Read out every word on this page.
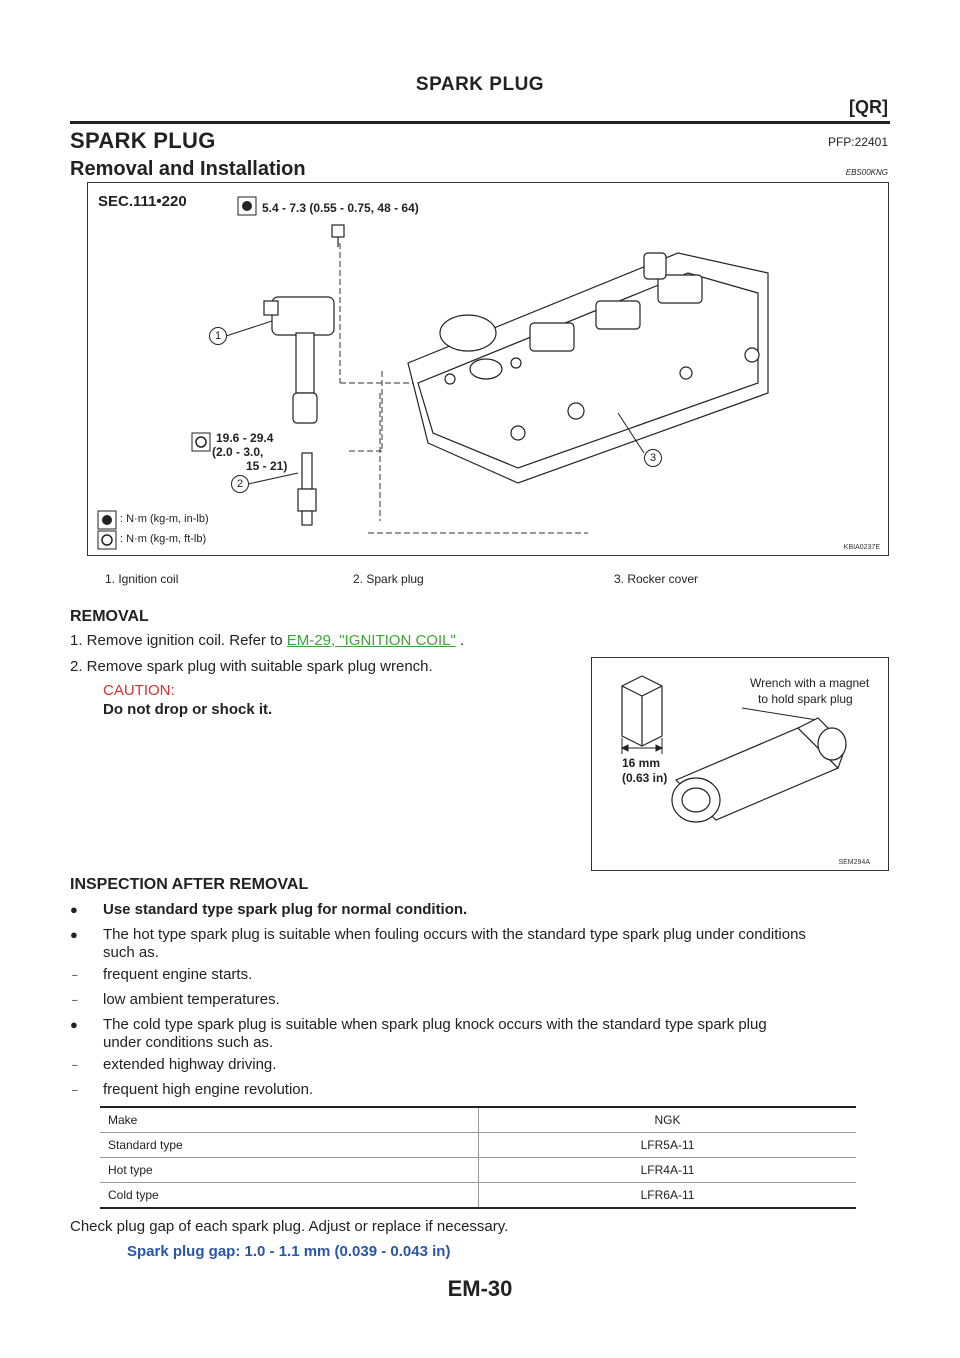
SPARK PLUG
[QR]
SPARK PLUG	PFP:22401
Removal and Installation	EBS00KNG
SEC.111•220	5.4 - 7.3 (0.55 - 0.75, 48 - 64)
19.6 - 29.4
(2.0 - 3.0,
15 - 21)
1
2
3
: N·m (kg-m, in-lb)
: N·m (kg-m, ft-lb)
KBIA0237E
1. Ignition coil	2. Spark plug	3. Rocker cover
REMOVAL
1. Remove ignition coil. Refer to EM-29, "IGNITION COIL" .
2. Remove spark plug with suitable spark plug wrench.
CAUTION:
Do not drop or shock it.
Wrench with a magnet
to hold spark plug
16 mm
(0.63 in)
SEM294A
INSPECTION AFTER REMOVAL
● Use standard type spark plug for normal condition.
● The hot type spark plug is suitable when fouling occurs with the standard type spark plug under conditions
such as.
– frequent engine starts.
– low ambient temperatures.
● The cold type spark plug is suitable when spark plug knock occurs with the standard type spark plug
under conditions such as.
– extended highway driving.
– frequent high engine revolution.
Make	NGK
Standard type	LFR5A-11
Hot type	LFR4A-11
Cold type	LFR6A-11
Check plug gap of each spark plug. Adjust or replace if necessary.
Spark plug gap: 1.0 - 1.1 mm (0.039 - 0.043 in)
EM-30
